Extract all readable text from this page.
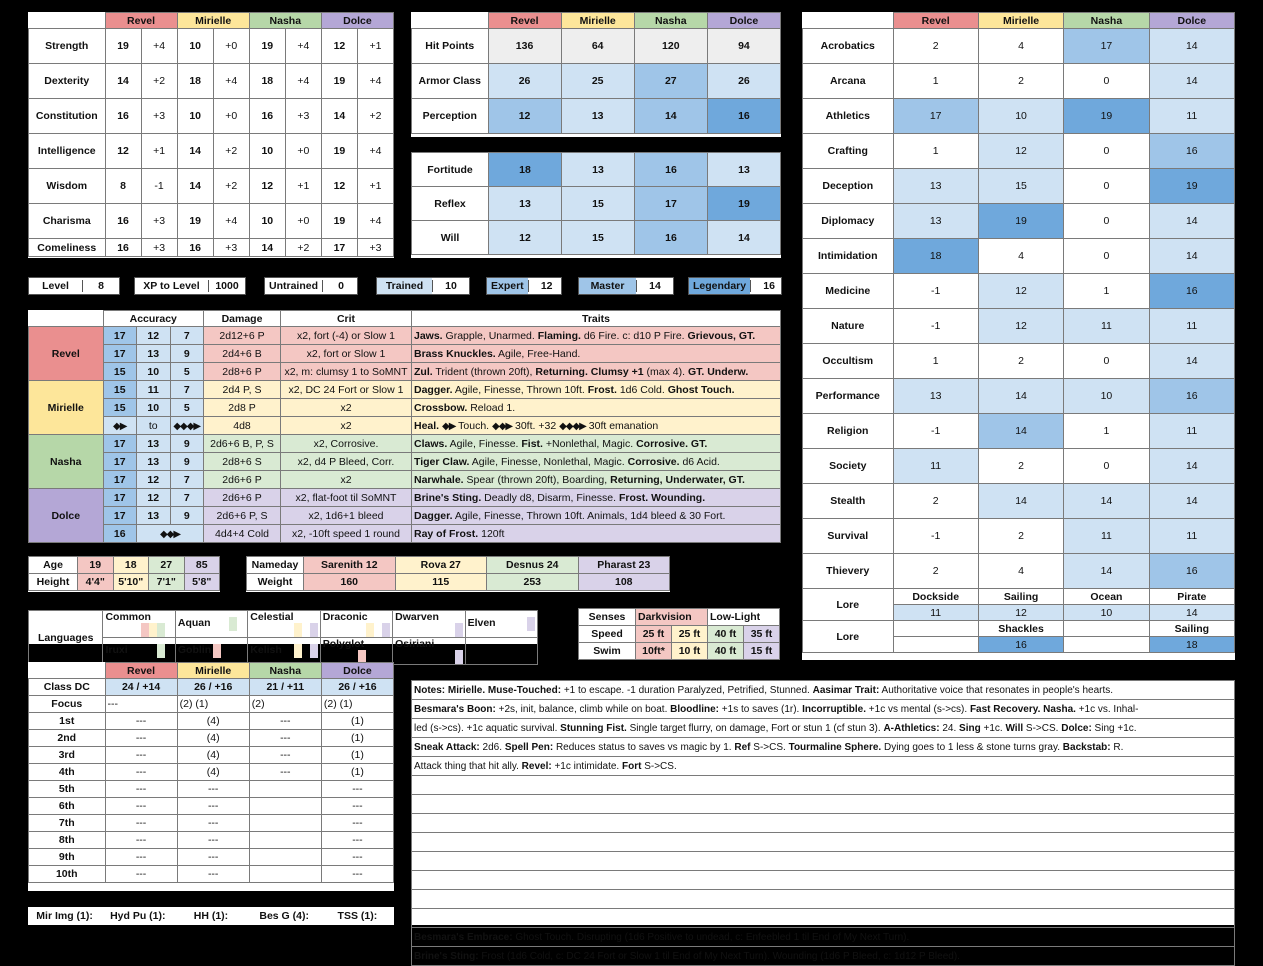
	Revel		Mirielle		Nasha		Dolce	
Strength	19	+4	10	+0	19	+4	12	+1
Dexterity	14	+2	18	+4	18	+4	19	+4
Constitution	16	+3	10	+0	16	+3	14	+2
Intelligence	12	+1	14	+2	10	+0	19	+4
Wisdom	8	-1	14	+2	12	+1	12	+1
Charisma	16	+3	19	+4	10	+0	19	+4
Comeliness	16	+3	16	+3	14	+2	17	+3
	Revel	Mirielle	Nasha	Dolce
Hit Points	136	64	120	94
Armor Class	26	25	27	26
Perception	12	13	14	16
Fortitude	18	13	16	13
Reflex	13	15	17	19
Will	12	15	16	14
	Revel	Mirielle	Nasha	Dolce
Acrobatics	2	4	17	14
Arcana	1	2	0	14
Athletics	17	10	19	11
Crafting	1	12	0	16
Deception	13	15	0	19
Diplomacy	13	19	0	14
Intimidation	18	4	0	14
Medicine	-1	12	1	16
Nature	-1	12	11	11
Occultism	1	2	0	14
Performance	13	14	10	16
Religion	-1	14	1	11
Society	11	2	0	14
Stealth	2	14	14	14
Survival	-1	2	11	11
Thievery	2	4	14	16
Lore	Dockside	Sailing	Ocean	Pirate
	11	12	10	14
Lore		Shackles		Sailing
		16		18
Level	8	XP to Level	1000	Untrained	0	Trained	10	Expert	12	Master	14	Legendary	16
	Accuracy			Damage	Crit	Traits
Revel	17	12	7	2d12+6 P	x2, fort (-4) or Slow 1	Jaws. Grapple, Unarmed. Flaming. d6 Fire. c: d10 P Fire. Grievous, GT.
	17	13	9	2d4+6 B	x2, fort or Slow 1	Brass Knuckles. Agile, Free-Hand.
	15	10	5	2d8+6 P	x2, m: clumsy 1 to SoMNT	Zul. Trident (thrown 20ft), Returning. Clumsy +1 (max 4). GT. Underw.
Mirielle	15	11	7	2d4 P, S	x2, DC 24 Fort or Slow 1	Dagger. Agile, Finesse, Thrown 10ft. Frost. 1d6 Cold. Ghost Touch.
	15	10	5	2d8 P	x2	Crossbow. Reload 1.
	◆▶	to	◆◆◆▶	4d8	x2	Heal. ◆▶ Touch. ◆◆▶ 30ft. +32 ◆◆◆▶ 30ft emanation
Nasha	17	13	9	2d6+6 B, P, S	x2, Corrosive.	Claws. Agile, Finesse. Fist. +Nonlethal, Magic. Corrosive. GT.
	17	13	9	2d8+6 S	x2, d4 P Bleed, Corr.	Tiger Claw. Agile, Finesse, Nonlethal, Magic. Corrosive. d6 Acid.
	17	12	7	2d6+6 P	x2	Narwhale. Spear (thrown 20ft), Boarding, Returning, Underwater, GT.
Dolce	17	12	7	2d6+6 P	x2, flat-foot til SoMNT	Brine's Sting. Deadly d8, Disarm, Finesse. Frost. Wounding.
	17	13	9	2d6+6 P, S	x2, 1d6+1 bleed	Dagger. Agile, Finesse, Thrown 10ft. Animals, 1d4 bleed & 30 Fort.
	16	◆◆▶		4d4+4 Cold	x2, -10ft speed 1 round	Ray of Frost. 120ft
Age	19	18	27	85
Height	4'4"	5'10"	7'1"	5'8"
Nameday	Sarenith 12	Rova 27	Desnus 24	Pharast 23
Weight	160	115	253	108
Languages	Common	Aquan	Celestial	Draconic	Dwarven	Elven

	Iruxi	Goblin	Kelish	Polyglot	Osiriani

Senses	Darkvision		Low-Light	
Speed	25 ft	25 ft	40 ft	35 ft
Swim	10ft*	10 ft	40 ft	15 ft
	Revel	Mirielle	Nasha	Dolce
Class DC	24 / +14	26 / +16	21 / +11	26 / +16
Focus	---	(2) (1)	(2)	(2) (1)
1st	---	(4)	---	(1)
2nd	---	(4)	---	(1)
3rd	---	(4)	---	(1)
4th	---	(4)	---	(1)
5th	---	---		---
6th	---	---		---
7th	---	---		---
8th	---	---		---
9th	---	---		---
10th	---	---		---
Mir Img (1):	Hyd Pu (1):	HH (1):	Bes G (4):	TSS (1):
Notes: Mirielle. Muse-Touched: +1 to escape. -1 duration Paralyzed, Petrified, Stunned. Aasimar Trait: Authoritative voice that resonates in people's hearts.
Besmara's Boon: +2s, init, balance, climb while on boat. Bloodline: +1s to saves (1r). Incorruptible. +1c vs mental (s->cs). Fast Recovery. Nasha. +1c vs. Inhal-
led (s->cs). +1c aquatic survival. Stunning Fist. Single target flurry, on damage, Fort or stun 1 (cf stun 3). A-Athletics: 24. Sing +1c. Will S->CS. Dolce: Sing +1c.
Sneak Attack: 2d6. Spell Pen: Reduces status to saves vs magic by 1. Ref S->CS. Tourmaline Sphere. Dying goes to 1 less & stone turns gray. Backstab: R.
Attack thing that hit ally. Revel: +1c intimidate. Fort S->CS.

Besmara's Embrace: Ghost Touch. Disrupting (1d6 Positive to undead, c: Enfeebled 1 til End of My Next Turn).
Brine's Sting: Frost (1d6 Cold, c: DC 24 Fort or Slow 1 til End of My Next Turn). Wounding (1d6 P Bleed, c: 1d12 P Bleed).
